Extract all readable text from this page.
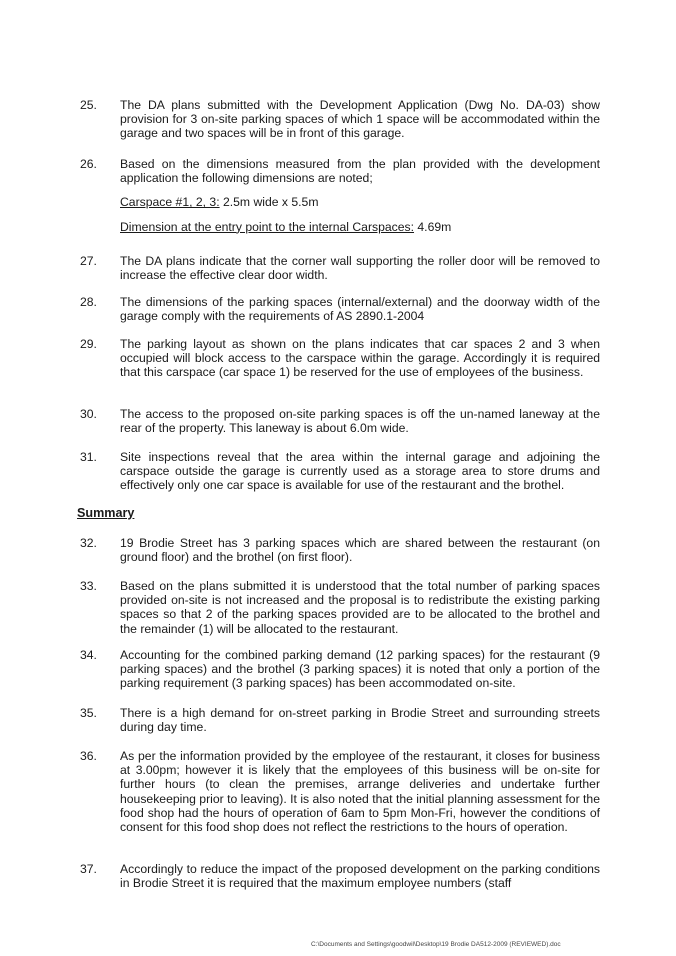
25.	The DA plans submitted with the Development Application (Dwg No. DA-03) show provision for 3 on-site parking spaces of which 1 space will be accommodated within the garage and two spaces will be in front of this garage.
26.	Based on the dimensions measured from the plan provided with the development application the following dimensions are noted;
Carspace #1, 2, 3: 2.5m wide x 5.5m
Dimension at the entry point to the internal Carspaces: 4.69m
27.	The DA plans indicate that the corner wall supporting the roller door will be removed to increase the effective clear door width.
28.	The dimensions of the parking spaces (internal/external) and the doorway width of the garage comply with the requirements of AS 2890.1-2004
29.	The parking layout as shown on the plans indicates that car spaces 2 and 3 when occupied will block access to the carspace within the garage. Accordingly it is required that this carspace (car space 1) be reserved for the use of employees of the business.
30.	The access to the proposed on-site parking spaces is off the un-named laneway at the rear of the property. This laneway is about 6.0m wide.
31.	Site inspections reveal that the area within the internal garage and adjoining the carspace outside the garage is currently used as a storage area to store drums and effectively only one car space is available for use of the restaurant and the brothel.
Summary
32.	19 Brodie Street has 3 parking spaces which are shared between the restaurant (on ground floor) and the brothel (on first floor).
33.	Based on the plans submitted it is understood that the total number of parking spaces provided on-site is not increased and the proposal is to redistribute the existing parking spaces so that 2 of the parking spaces provided are to be allocated to the brothel and the remainder (1) will be allocated to the restaurant.
34.	Accounting for the combined parking demand (12 parking spaces) for the restaurant (9 parking spaces) and the brothel (3 parking spaces) it is noted that only a portion of the parking requirement (3 parking spaces) has been accommodated on-site.
35.	There is a high demand for on-street parking in Brodie Street and surrounding streets during day time.
36.	As per the information provided by the employee of the restaurant, it closes for business at 3.00pm; however it is likely that the employees of this business will be on-site for further hours (to clean the premises, arrange deliveries and undertake further housekeeping prior to leaving). It is also noted that the initial planning assessment for the food shop had the hours of operation of 6am to 5pm Mon-Fri, however the conditions of consent for this food shop does not reflect the restrictions to the hours of operation.
37.	Accordingly to reduce the impact of the proposed development on the parking conditions in Brodie Street it is required that the maximum employee numbers (staff
C:\Documents and Settings\goodwil\Desktop\19 Brodie DA512-2009 (REVIEWED).doc
